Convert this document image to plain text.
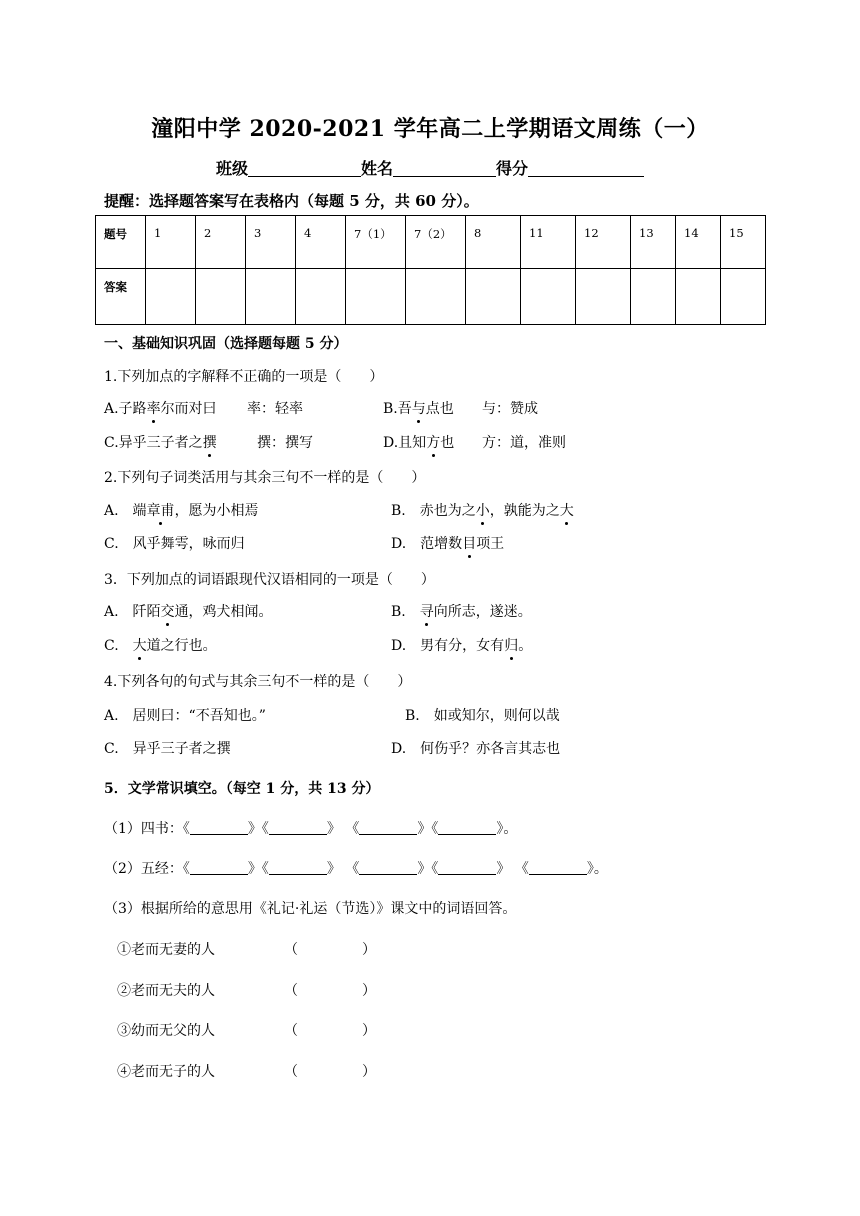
潼阳中学 2020-2021 学年高二上学期语文周练（一）
班级	姓名	得分
提醒：选择题答案写在表格内（每题 5 分，共 60 分）。
题号	1	2	3	4	7（1）	7（2）	8	11	12	13	14	15
答案												
一、基础知识巩固（选择题每题 5 分）
1.下列加点的字解释不正确的一项是（　　）
A.子路率尔而对曰 率：轻率	B.吾与点也 与：赞成
C.异乎三子者之撰	撰：撰写	D.且知方也 方：道，准则
2.下列句子词类活用与其余三句不一样的是（　　）
A.　端章甫，愿为小相焉	B.　赤也为之小，孰能为之大
C.　风乎舞雩，咏而归	D.　范增数目项王
3．下列加点的词语跟现代汉语相同的一项是（　　）
A.　阡陌交通，鸡犬相闻。	B.　寻向所志，遂迷。
C.　大道之行也。	D.　男有分，女有归。
4.下列各句的句式与其余三句不一样的是（　　）
A.　居则曰：“不吾知也。”	B.　如或知尔，则何以哉
C.　异乎三子者之撰	D.　何伤乎？亦各言其志也
5．文学常识填空。（每空 1 分，共 13 分）
（1）四书：《	》《	》 《	》《	》。
（2）五经：《	》《	》 《	》《	》 《	》。
（3）根据所给的意思用《礼记·礼运（节选）》课文中的词语回答。
①老而无妻的人	（	）
②老而无夫的人	（	）
③幼而无父的人	（	）
④老而无子的人	（	）
